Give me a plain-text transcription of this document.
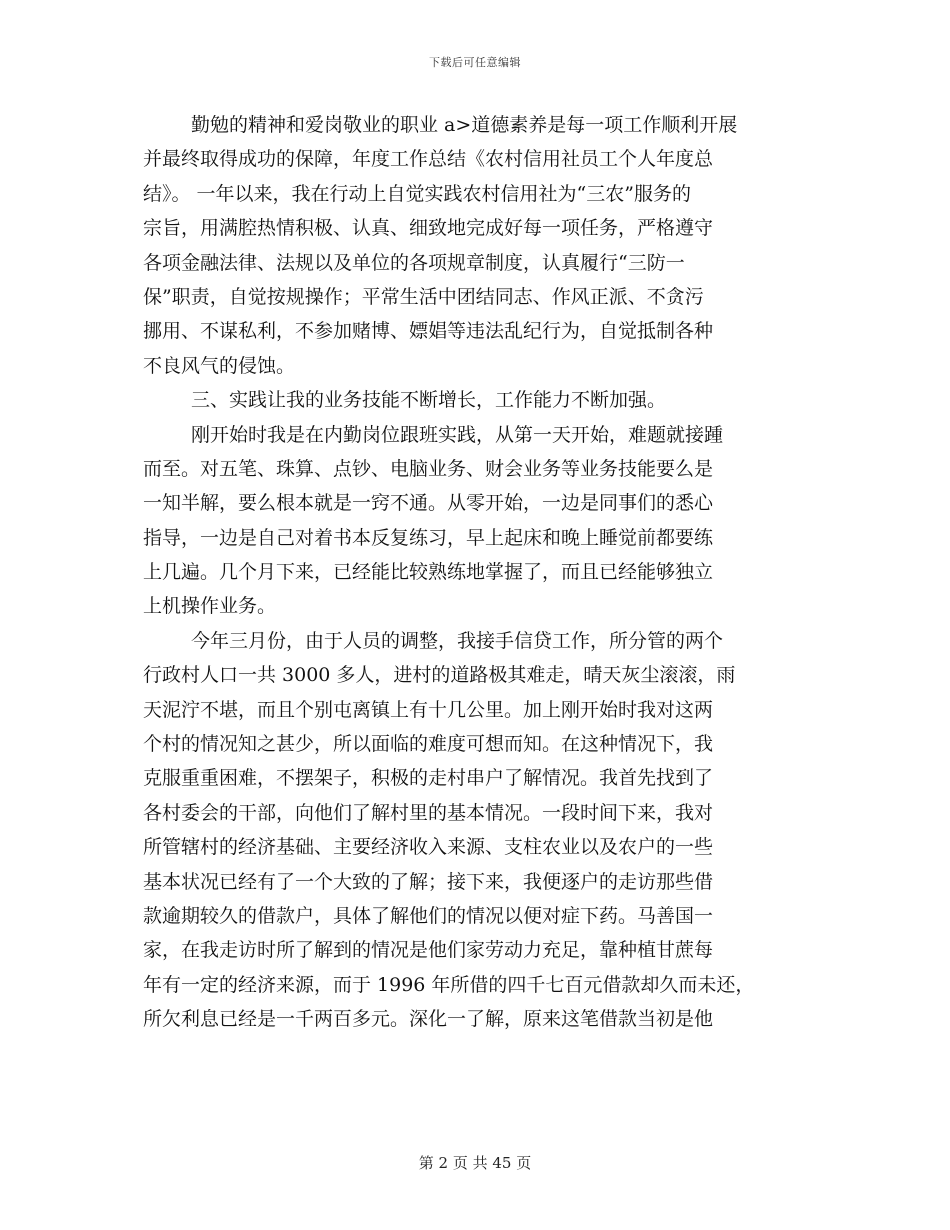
下载后可任意编辑
勤勉的精神和爱岗敬业的职业 a>道德素养是每一项工作顺利开展
并最终取得成功的保障，年度工作总结《农村信用社员工个人年度总
结》。 一年以来，我在行动上自觉实践农村信用社为“三农”服务的
宗旨，用满腔热情积极、认真、细致地完成好每一项任务，严格遵守
各项金融法律、法规以及单位的各项规章制度，认真履行“三防一
保”职责，自觉按规操作；平常生活中团结同志、作风正派、不贪污
挪用、不谋私利，不参加赌博、嫖娼等违法乱纪行为，自觉抵制各种
不良风气的侵蚀。
三、实践让我的业务技能不断增长，工作能力不断加强。
刚开始时我是在内勤岗位跟班实践，从第一天开始，难题就接踵
而至。对五笔、珠算、点钞、电脑业务、财会业务等业务技能要么是
一知半解，要么根本就是一窍不通。从零开始，一边是同事们的悉心
指导，一边是自己对着书本反复练习，早上起床和晚上睡觉前都要练
上几遍。几个月下来，已经能比较熟练地掌握了，而且已经能够独立
上机操作业务。
今年三月份，由于人员的调整，我接手信贷工作，所分管的两个
行政村人口一共 3000 多人，进村的道路极其难走，晴天灰尘滚滚，雨
天泥泞不堪，而且个别屯离镇上有十几公里。加上刚开始时我对这两
个村的情况知之甚少，所以面临的难度可想而知。在这种情况下，我
克服重重困难，不摆架子，积极的走村串户了解情况。我首先找到了
各村委会的干部，向他们了解村里的基本情况。一段时间下来，我对
所管辖村的经济基础、主要经济收入来源、支柱农业以及农户的一些
基本状况已经有了一个大致的了解；接下来，我便逐户的走访那些借
款逾期较久的借款户，具体了解他们的情况以便对症下药。马善国一
家，在我走访时所了解到的情况是他们家劳动力充足，靠种植甘蔗每
年有一定的经济来源，而于 1996 年所借的四千七百元借款却久而未还，
所欠利息已经是一千两百多元。深化一了解，原来这笔借款当初是他
第 2 页 共 45 页
